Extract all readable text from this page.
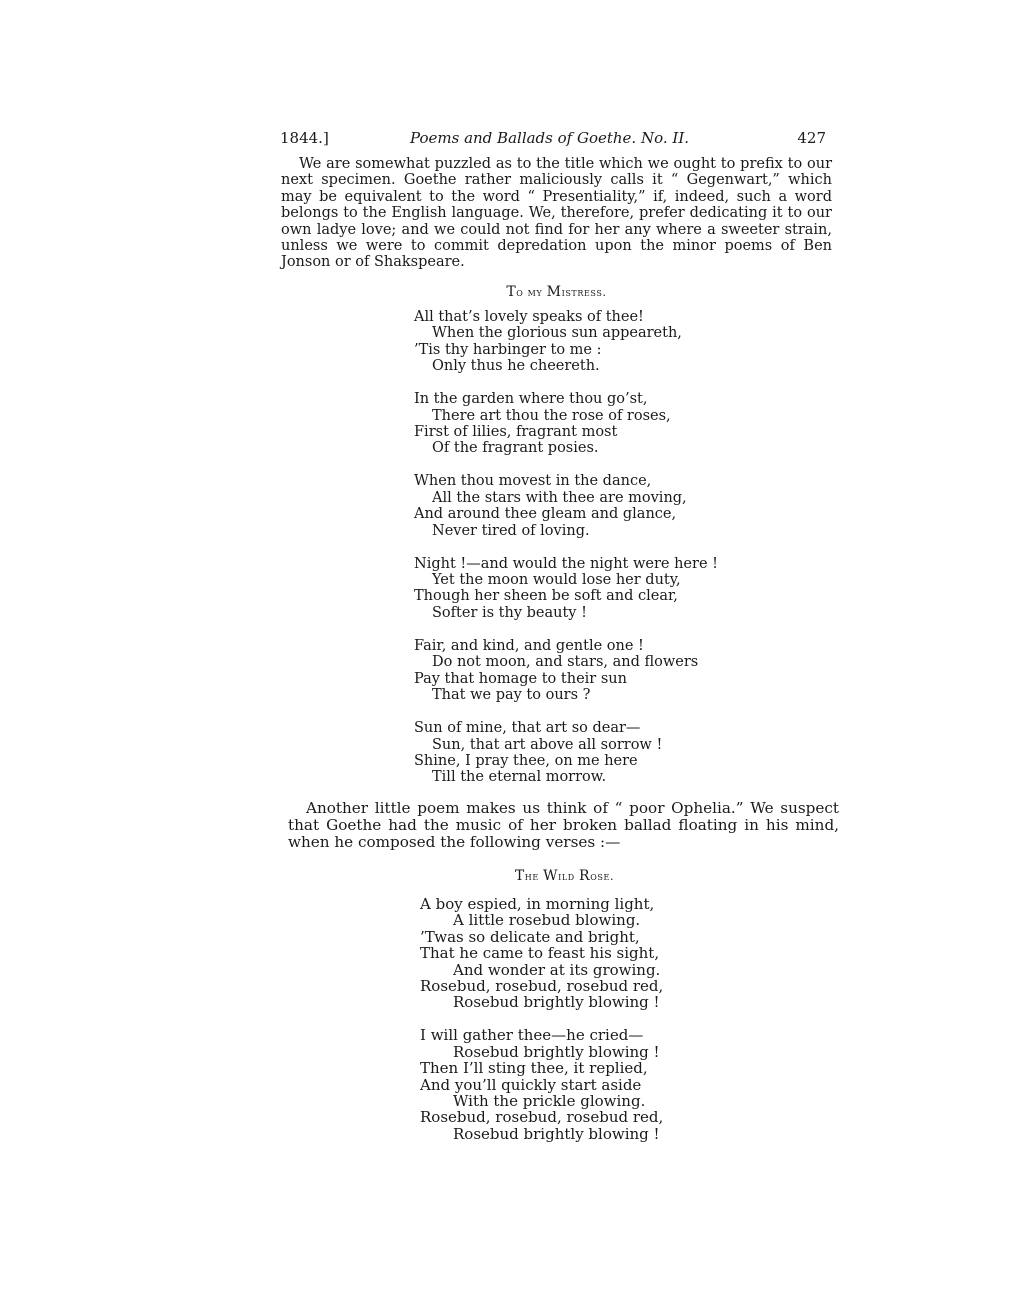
1844.]	Poems and Ballads of Goethe. No. II.	427

We are somewhat puzzled as to the title which we ought to prefix to our next specimen. Goethe rather maliciously calls it “ Gegenwart,” which may be equivalent to the word “ Presentiality,” if, indeed, such a word belongs to the English language. We, therefore, prefer dedicating it to our own ladye love; and we could not find for her any where a sweeter strain, unless we were to commit depredation upon the minor poems of Ben Jonson or of Shakspeare.

To my Mistress.
All that’s lovely speaks of thee!
When the glorious sun appeareth,
’Tis thy harbinger to me :
Only thus he cheereth.
In the garden where thou go’st,
There art thou the rose of roses,
First of lilies, fragrant most
Of the fragrant posies.
When thou movest in the dance,
All the stars with thee are moving,
And around thee gleam and glance,
Never tired of loving.
Night !—and would the night were here !
Yet the moon would lose her duty,
Though her sheen be soft and clear,
Softer is thy beauty !
Fair, and kind, and gentle one !
Do not moon, and stars, and flowers
Pay that homage to their sun
That we pay to ours ?
Sun of mine, that art so dear—
Sun, that art above all sorrow !
Shine, I pray thee, on me here
Till the eternal morrow.

Another little poem makes us think of “ poor Ophelia.” We suspect that Goethe had the music of her broken ballad floating in his mind, when he composed the following verses :—

The Wild Rose.
A boy espied, in morning light,
A little rosebud blowing.
’Twas so delicate and bright,
That he came to feast his sight,
And wonder at its growing.
Rosebud, rosebud, rosebud red,
Rosebud brightly blowing !
I will gather thee—he cried—
Rosebud brightly blowing !
Then I’ll sting thee, it replied,
And you’ll quickly start aside
With the prickle glowing.
Rosebud, rosebud, rosebud red,
Rosebud brightly blowing !
